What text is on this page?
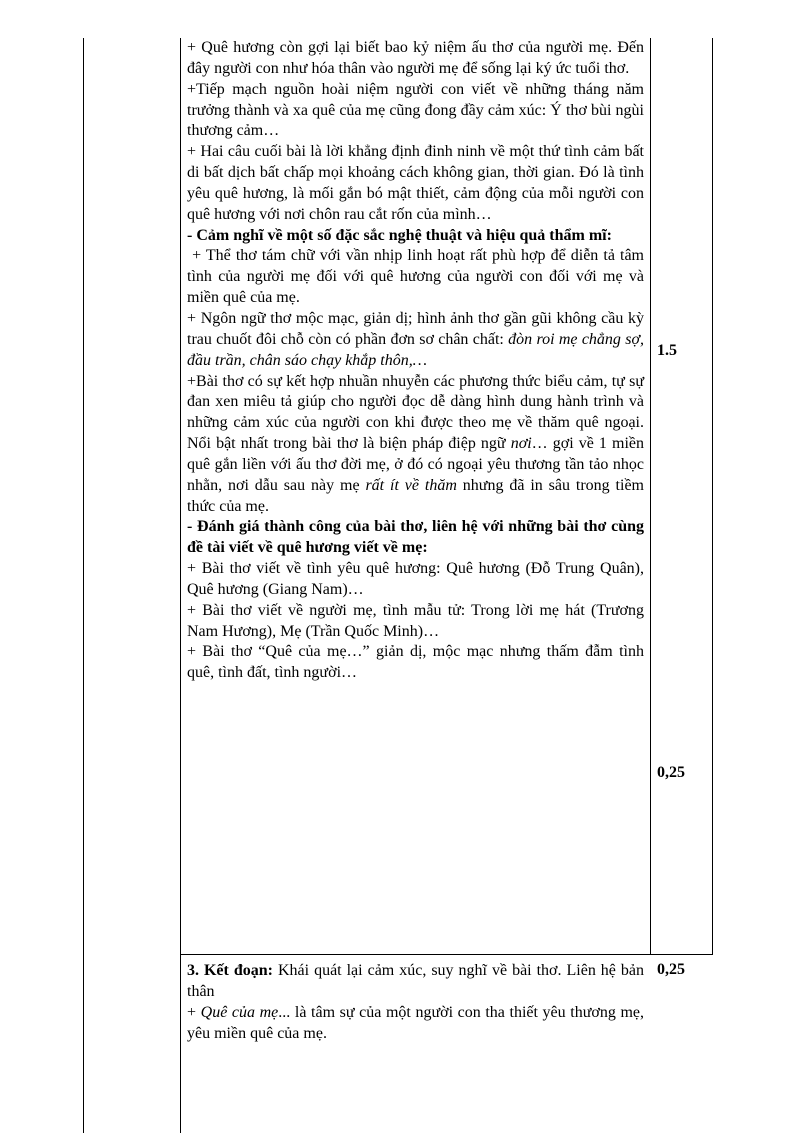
+ Quê hương còn gợi lại biết bao kỷ niệm ấu thơ của người mẹ. Đến đây người con như hóa thân vào người mẹ để sống lại ký ức tuổi thơ.

+Tiếp mạch nguồn hoài niệm người con viết về những tháng năm trưởng thành và xa quê của mẹ cũng đong đầy cảm xúc: Ý thơ bùi ngùi thương cảm…

+ Hai câu cuối bài là lời khẳng định đinh ninh về một thứ tình cảm bất di bất dịch bất chấp mọi khoảng cách không gian, thời gian. Đó là tình yêu quê hương, là mối gắn bó mật thiết, cảm động của mỗi người con quê hương với nơi chôn rau cắt rốn của mình…

- Cảm nghĩ về một số đặc sắc nghệ thuật và hiệu quả thẩm mĩ:

+ Thể thơ tám chữ với vần nhịp linh hoạt rất phù hợp để diễn tả tâm tình của người mẹ đối với quê hương của người con đối với mẹ và miền quê của mẹ.

+ Ngôn ngữ thơ mộc mạc, giản dị; hình ảnh thơ gần gũi không cầu kỳ trau chuốt đôi chỗ còn có phần đơn sơ chân chất: đòn roi mẹ chẳng sợ, đầu trần, chân sáo chạy khắp thôn,…

+Bài thơ có sự kết hợp nhuần nhuyễn các phương thức biểu cảm, tự sự đan xen miêu tả giúp cho người đọc dễ dàng hình dung hành trình và những cảm xúc của người con khi được theo mẹ về thăm quê ngoại. Nổi bật nhất trong bài thơ là biện pháp điệp ngữ nơi… gợi về 1 miền quê gắn liền với ấu thơ đời mẹ, ở đó có ngoại yêu thương tần tảo nhọc nhằn, nơi dẫu sau này mẹ rất ít về thăm nhưng đã in sâu trong tiềm thức của mẹ.

- Đánh giá thành công của bài thơ, liên hệ với những bài thơ cùng đề tài viết về quê hương viết về mẹ:

+ Bài thơ viết về tình yêu quê hương: Quê hương (Đỗ Trung Quân), Quê hương (Giang Nam)…

+ Bài thơ viết về người mẹ, tình mẫu tử: Trong lời mẹ hát (Trương Nam Hương), Mẹ (Trần Quốc Minh)…

+ Bài thơ “Quê của mẹ…” giản dị, mộc mạc nhưng thấm đẫm tình quê, tình đất, tình người…

1.5
0,25
0,25

3. Kết đoạn: Khái quát lại cảm xúc, suy nghĩ về bài thơ. Liên hệ bản thân

+ Quê của mẹ... là tâm sự của một người con tha thiết yêu thương mẹ, yêu miền quê của mẹ.
